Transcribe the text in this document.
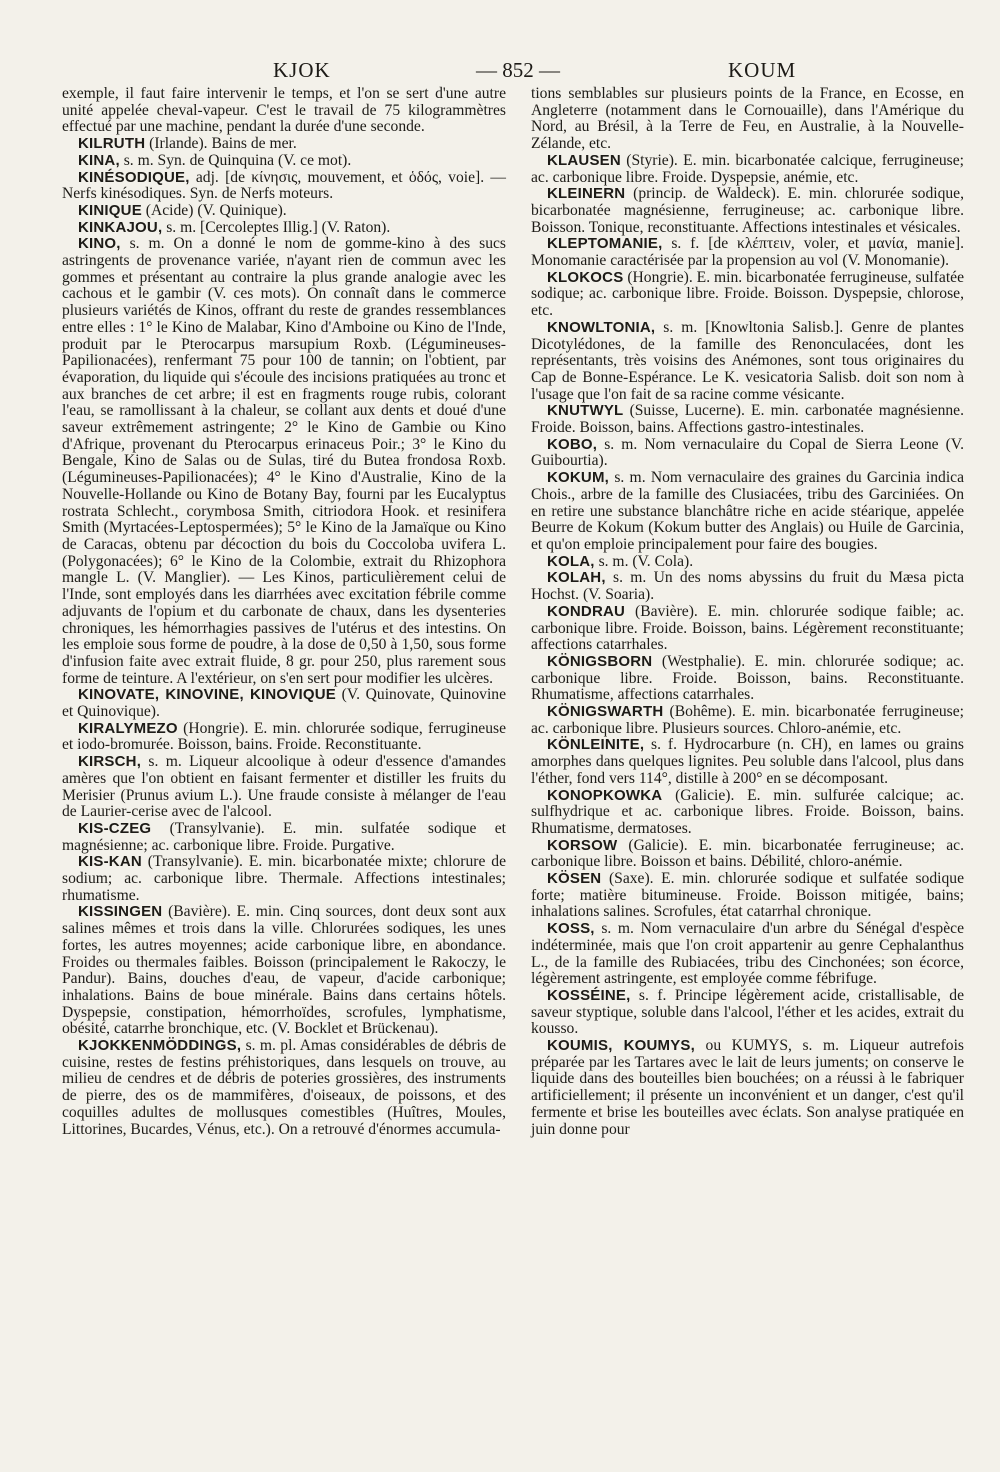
KJOK	— 852 —	KOUM

exemple, il faut faire intervenir le temps, et l'on se sert d'une autre unité appelée cheval-vapeur. C'est le travail de 75 kilogrammètres effectué par une machine, pendant la durée d'une seconde.

KILRUTH (Irlande). Bains de mer.

KINA, s. m. Syn. de Quinquina (V. ce mot).

KINÉSODIQUE, adj. [de κίνησις, mouvement, et ὁδός, voie]. — Nerfs kinésodiques. Syn. de Nerfs moteurs.

KINIQUE (Acide) (V. Quinique).

KINKAJOU, s. m. [Cercoleptes Illig.] (V. Raton).

KINO, s. m. On a donné le nom de gomme-kino à des sucs astringents de provenance variée, n'ayant rien de commun avec les gommes et présentant au contraire la plus grande analogie avec les cachous et le gambir (V. ces mots). On connaît dans le commerce plusieurs variétés de Kinos, offrant du reste de grandes ressemblances entre elles : 1° le Kino de Malabar, Kino d'Amboine ou Kino de l'Inde, produit par le Pterocarpus marsupium Roxb. (Légumineuses-Papilionacées), renfermant 75 pour 100 de tannin; on l'obtient, par évaporation, du liquide qui s'écoule des incisions pratiquées au tronc et aux branches de cet arbre; il est en fragments rouge rubis, colorant l'eau, se ramollissant à la chaleur, se collant aux dents et doué d'une saveur extrêmement astringente; 2° le Kino de Gambie ou Kino d'Afrique, provenant du Pterocarpus erinaceus Poir.; 3° le Kino du Bengale, Kino de Salas ou de Sulas, tiré du Butea frondosa Roxb. (Légumineuses-Papilionacées); 4° le Kino d'Australie, Kino de la Nouvelle-Hollande ou Kino de Botany Bay, fourni par les Eucalyptus rostrata Schlecht., corymbosa Smith, citriodora Hook. et resinifera Smith (Myrtacées-Leptospermées); 5° le Kino de la Jamaïque ou Kino de Caracas, obtenu par décoction du bois du Coccoloba uvifera L. (Polygonacées); 6° le Kino de la Colombie, extrait du Rhizophora mangle L. (V. Manglier). — Les Kinos, particulièrement celui de l'Inde, sont employés dans les diarrhées avec excitation fébrile comme adjuvants de l'opium et du carbonate de chaux, dans les dysenteries chroniques, les hémorrhagies passives de l'utérus et des intestins. On les emploie sous forme de poudre, à la dose de 0,50 à 1,50, sous forme d'infusion faite avec extrait fluide, 8 gr. pour 250, plus rarement sous forme de teinture. A l'extérieur, on s'en sert pour modifier les ulcères.

KINOVATE, KINOVINE, KINOVIQUE (V. Quinovate, Quinovine et Quinovique).

KIRALYMEZO (Hongrie). E. min. chlorurée sodique, ferrugineuse et iodo-bromurée. Boisson, bains. Froide. Reconstituante.

KIRSCH, s. m. Liqueur alcoolique à odeur d'essence d'amandes amères que l'on obtient en faisant fermenter et distiller les fruits du Merisier (Prunus avium L.). Une fraude consiste à mélanger de l'eau de Laurier-cerise avec de l'alcool.

KIS-CZEG (Transylvanie). E. min. sulfatée sodique et magnésienne; ac. carbonique libre. Froide. Purgative.

KIS-KAN (Transylvanie). E. min. bicarbonatée mixte; chlorure de sodium; ac. carbonique libre. Thermale. Affections intestinales; rhumatisme.

KISSINGEN (Bavière). E. min. Cinq sources, dont deux sont aux salines mêmes et trois dans la ville. Chlorurées sodiques, les unes fortes, les autres moyennes; acide carbonique libre, en abondance. Froides ou thermales faibles. Boisson (principalement le Rakoczy, le Pandur). Bains, douches d'eau, de vapeur, d'acide carbonique; inhalations. Bains de boue minérale. Bains dans certains hôtels. Dyspepsie, constipation, hémorrhoïdes, scrofules, lymphatisme, obésité, catarrhe bronchique, etc. (V. Bocklet et Brückenau).

KJOKKENMÖDDINGS, s. m. pl. Amas considérables de débris de cuisine, restes de festins préhistoriques, dans lesquels on trouve, au milieu de cendres et de débris de poteries grossières, des instruments de pierre, des os de mammifères, d'oiseaux, de poissons, et des coquilles adultes de mollusques comestibles (Huîtres, Moules, Littorines, Bucardes, Vénus, etc.). On a retrouvé d'énormes accumula-

tions semblables sur plusieurs points de la France, en Ecosse, en Angleterre (notamment dans le Cornouaille), dans l'Amérique du Nord, au Brésil, à la Terre de Feu, en Australie, à la Nouvelle-Zélande, etc.

KLAUSEN (Styrie). E. min. bicarbonatée calcique, ferrugineuse; ac. carbonique libre. Froide. Dyspepsie, anémie, etc.

KLEINERN (princip. de Waldeck). E. min. chlorurée sodique, bicarbonatée magnésienne, ferrugineuse; ac. carbonique libre. Boisson. Tonique, reconstituante. Affections intestinales et vésicales.

KLEPTOMANIE, s. f. [de κλέπτειν, voler, et μανία, manie]. Monomanie caractérisée par la propension au vol (V. Monomanie).

KLOKOCS (Hongrie). E. min. bicarbonatée ferrugineuse, sulfatée sodique; ac. carbonique libre. Froide. Boisson. Dyspepsie, chlorose, etc.

KNOWLTONIA, s. m. [Knowltonia Salisb.]. Genre de plantes Dicotylédones, de la famille des Renonculacées, dont les représentants, très voisins des Anémones, sont tous originaires du Cap de Bonne-Espérance. Le K. vesicatoria Salisb. doit son nom à l'usage que l'on fait de sa racine comme vésicante.

KNUTWYL (Suisse, Lucerne). E. min. carbonatée magnésienne. Froide. Boisson, bains. Affections gastro-intestinales.

KOBO, s. m. Nom vernaculaire du Copal de Sierra Leone (V. Guibourtia).

KOKUM, s. m. Nom vernaculaire des graines du Garcinia indica Chois., arbre de la famille des Clusiacées, tribu des Garciniées. On en retire une substance blanchâtre riche en acide stéarique, appelée Beurre de Kokum (Kokum butter des Anglais) ou Huile de Garcinia, et qu'on emploie principalement pour faire des bougies.

KOLA, s. m. (V. Cola).

KOLAH, s. m. Un des noms abyssins du fruit du Mæsa picta Hochst. (V. Soaria).

KONDRAU (Bavière). E. min. chlorurée sodique faible; ac. carbonique libre. Froide. Boisson, bains. Légèrement reconstituante; affections catarrhales.

KÖNIGSBORN (Westphalie). E. min. chlorurée sodique; ac. carbonique libre. Froide. Boisson, bains. Reconstituante. Rhumatisme, affections catarrhales.

KÖNIGSWARTH (Bohême). E. min. bicarbonatée ferrugineuse; ac. carbonique libre. Plusieurs sources. Chloro-anémie, etc.

KÖNLEINITE, s. f. Hydrocarbure (n. CH), en lames ou grains amorphes dans quelques lignites. Peu soluble dans l'alcool, plus dans l'éther, fond vers 114°, distille à 200° en se décomposant.

KONOPKOWKA (Galicie). E. min. sulfurée calcique; ac. sulfhydrique et ac. carbonique libres. Froide. Boisson, bains. Rhumatisme, dermatoses.

KORSOW (Galicie). E. min. bicarbonatée ferrugineuse; ac. carbonique libre. Boisson et bains. Débilité, chloro-anémie.

KÖSEN (Saxe). E. min. chlorurée sodique et sulfatée sodique forte; matière bitumineuse. Froide. Boisson mitigée, bains; inhalations salines. Scrofules, état catarrhal chronique.

KOSS, s. m. Nom vernaculaire d'un arbre du Sénégal d'espèce indéterminée, mais que l'on croit appartenir au genre Cephalanthus L., de la famille des Rubiacées, tribu des Cinchonées; son écorce, légèrement astringente, est employée comme fébrifuge.

KOSSÉINE, s. f. Principe légèrement acide, cristallisable, de saveur styptique, soluble dans l'alcool, l'éther et les acides, extrait du kousso.

KOUMIS, KOUMYS, ou KUMYS, s. m. Liqueur autrefois préparée par les Tartares avec le lait de leurs juments; on conserve le liquide dans des bouteilles bien bouchées; on a réussi à le fabriquer artificiellement; il présente un inconvénient et un danger, c'est qu'il fermente et brise les bouteilles avec éclats. Son analyse pratiquée en juin donne pour
